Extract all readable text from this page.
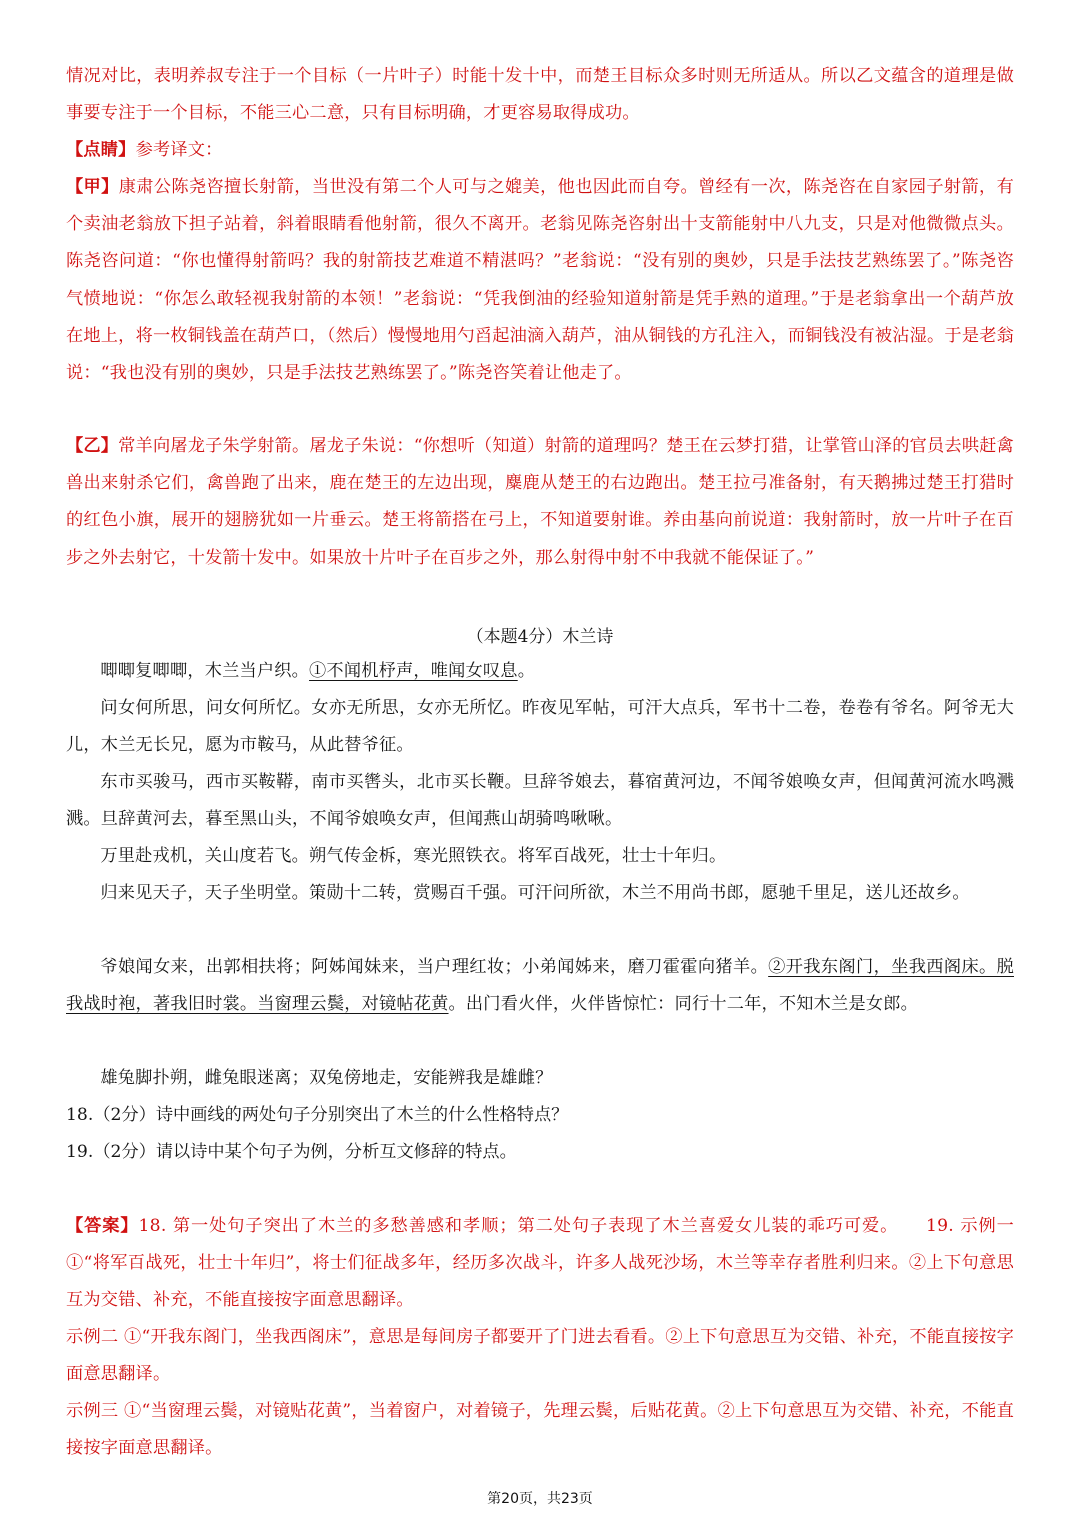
情况对比，表明养叔专注于一个目标（一片叶子）时能十发十中，而楚王目标众多时则无所适从。所以乙文蕴含的道理是做事要专注于一个目标，不能三心二意，只有目标明确，才更容易取得成功。

【点睛】参考译文：

【甲】康肃公陈尧咨擅长射箭，当世没有第二个人可与之媲美，他也因此而自夸。曾经有一次，陈尧咨在自家园子射箭，有个卖油老翁放下担子站着，斜着眼睛看他射箭，很久不离开。老翁见陈尧咨射出十支箭能射中八九支，只是对他微微点头。陈尧咨问道：“你也懂得射箭吗？我的射箭技艺难道不精湛吗？”老翁说：“没有别的奥妙，只是手法技艺熟练罢了。”陈尧咨气愤地说：“你怎么敢轻视我射箭的本领！”老翁说：“凭我倒油的经验知道射箭是凭手熟的道理。”于是老翁拿出一个葫芦放在地上，将一枚铜钱盖在葫芦口，（然后）慢慢地用勺舀起油滴入葫芦，油从铜钱的方孔注入，而铜钱没有被沾湿。于是老翁说：“我也没有别的奥妙，只是手法技艺熟练罢了。”陈尧咨笑着让他走了。

【乙】常羊向屠龙子朱学射箭。屠龙子朱说：“你想听（知道）射箭的道理吗？楚王在云梦打猎，让掌管山泽的官员去哄赶禽兽出来射杀它们，禽兽跑了出来，鹿在楚王的左边出现，麋鹿从楚王的右边跑出。楚王拉弓准备射，有天鹅拂过楚王打猎时的红色小旗，展开的翅膀犹如一片垂云。楚王将箭搭在弓上，不知道要射谁。养由基向前说道：我射箭时，放一片叶子在百步之外去射它，十发箭十发中。如果放十片叶子在百步之外，那么射得中射不中我就不能保证了。”

（本题4分）木兰诗

唧唧复唧唧，木兰当户织。①不闻机杼声，唯闻女叹息。

问女何所思，问女何所忆。女亦无所思，女亦无所忆。昨夜见军帖，可汗大点兵，军书十二卷，卷卷有爷名。阿爷无大儿，木兰无长兄，愿为市鞍马，从此替爷征。

东市买骏马，西市买鞍鞯，南市买辔头，北市买长鞭。旦辞爷娘去，暮宿黄河边，不闻爷娘唤女声，但闻黄河流水鸣溅溅。旦辞黄河去，暮至黑山头，不闻爷娘唤女声，但闻燕山胡骑鸣啾啾。

万里赴戎机，关山度若飞。朔气传金柝，寒光照铁衣。将军百战死，壮士十年归。

归来见天子，天子坐明堂。策勋十二转，赏赐百千强。可汗问所欲，木兰不用尚书郎，愿驰千里足，送儿还故乡。

爷娘闻女来，出郭相扶将；阿姊闻妹来，当户理红妆；小弟闻姊来，磨刀霍霍向猪羊。②开我东阁门，坐我西阁床。脱我战时袍，著我旧时裳。当窗理云鬓，对镜帖花黄。出门看火伴，火伴皆惊忙：同行十二年，不知木兰是女郎。

雄兔脚扑朔，雌兔眼迷离；双兔傍地走，安能辨我是雄雌？

18.（2分）诗中画线的两处句子分别突出了木兰的什么性格特点？
19.（2分）请以诗中某个句子为例，分析互文修辞的特点。

【答案】18. 第一处句子突出了木兰的多愁善感和孝顺；第二处句子表现了木兰喜爱女儿装的乖巧可爱。　　19. 示例一 ①“将军百战死，壮士十年归”，将士们征战多年，经历多次战斗，许多人战死沙场，木兰等幸存者胜利归来。②上下句意思互为交错、补充，不能直接按字面意思翻译。

示例二 ①“开我东阁门，坐我西阁床”，意思是每间房子都要开了门进去看看。②上下句意思互为交错、补充，不能直接按字面意思翻译。

示例三 ①“当窗理云鬓，对镜贴花黄”，当着窗户，对着镜子，先理云鬓，后贴花黄。②上下句意思互为交错、补充，不能直接按字面意思翻译。

第20页，共23页
